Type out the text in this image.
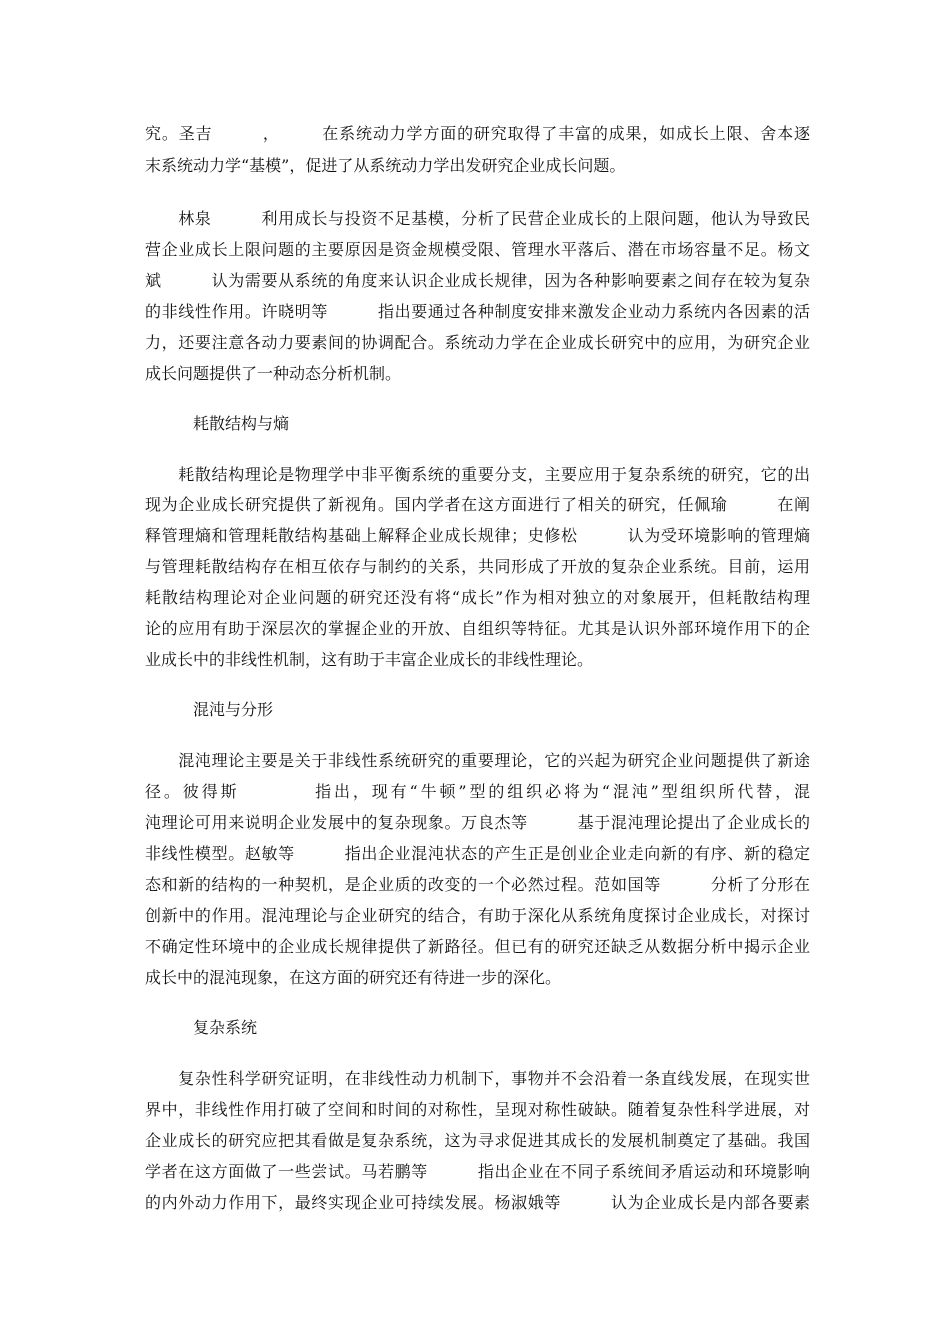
究。圣吉　　　，　　　在系统动力学方面的研究取得了丰富的成果，如成长上限、舍本逐
末系统动力学“基模”，促进了从系统动力学出发研究企业成长问题。
　　林泉　　　利用成长与投资不足基模，分析了民营企业成长的上限问题，他认为导致民
营企业成长上限问题的主要原因是资金规模受限、管理水平落后、潜在市场容量不足。杨文
斌　　　认为需要从系统的角度来认识企业成长规律，因为各种影响要素之间存在较为复杂
的非线性作用。许晓明等　　　指出要通过各种制度安排来激发企业动力系统内各因素的活
力，还要注意各动力要素间的协调配合。系统动力学在企业成长研究中的应用，为研究企业
成长问题提供了一种动态分析机制。
耗散结构与熵
　　耗散结构理论是物理学中非平衡系统的重要分支，主要应用于复杂系统的研究，它的出
现为企业成长研究提供了新视角。国内学者在这方面进行了相关的研究，任佩瑜　　　在阐
释管理熵和管理耗散结构基础上解释企业成长规律；史修松　　　认为受环境影响的管理熵
与管理耗散结构存在相互依存与制约的关系，共同形成了开放的复杂企业系统。目前，运用
耗散结构理论对企业问题的研究还没有将“成长”作为相对独立的对象展开，但耗散结构理
论的应用有助于深层次的掌握企业的开放、自组织等特征。尤其是认识外部环境作用下的企
业成长中的非线性机制，这有助于丰富企业成长的非线性理论。
混沌与分形
　　混沌理论主要是关于非线性系统研究的重要理论，它的兴起为研究企业问题提供了新途
径。彼得斯　　　　指出，现有“牛顿”型的组织必将为“混沌”型组织所代替，混
沌理论可用来说明企业发展中的复杂现象。万良杰等　　　基于混沌理论提出了企业成长的
非线性模型。赵敏等　　　指出企业混沌状态的产生正是创业企业走向新的有序、新的稳定
态和新的结构的一种契机，是企业质的改变的一个必然过程。范如国等　　　分析了分形在
创新中的作用。混沌理论与企业研究的结合，有助于深化从系统角度探讨企业成长，对探讨
不确定性环境中的企业成长规律提供了新路径。但已有的研究还缺乏从数据分析中揭示企业
成长中的混沌现象，在这方面的研究还有待进一步的深化。
复杂系统
　　复杂性科学研究证明，在非线性动力机制下，事物并不会沿着一条直线发展，在现实世
界中，非线性作用打破了空间和时间的对称性，呈现对称性破缺。随着复杂性科学进展，对
企业成长的研究应把其看做是复杂系统，这为寻求促进其成长的发展机制奠定了基础。我国
学者在这方面做了一些尝试。马若鹏等　　　指出企业在不同子系统间矛盾运动和环境影响
的内外动力作用下，最终实现企业可持续发展。杨淑娥等　　　认为企业成长是内部各要素
